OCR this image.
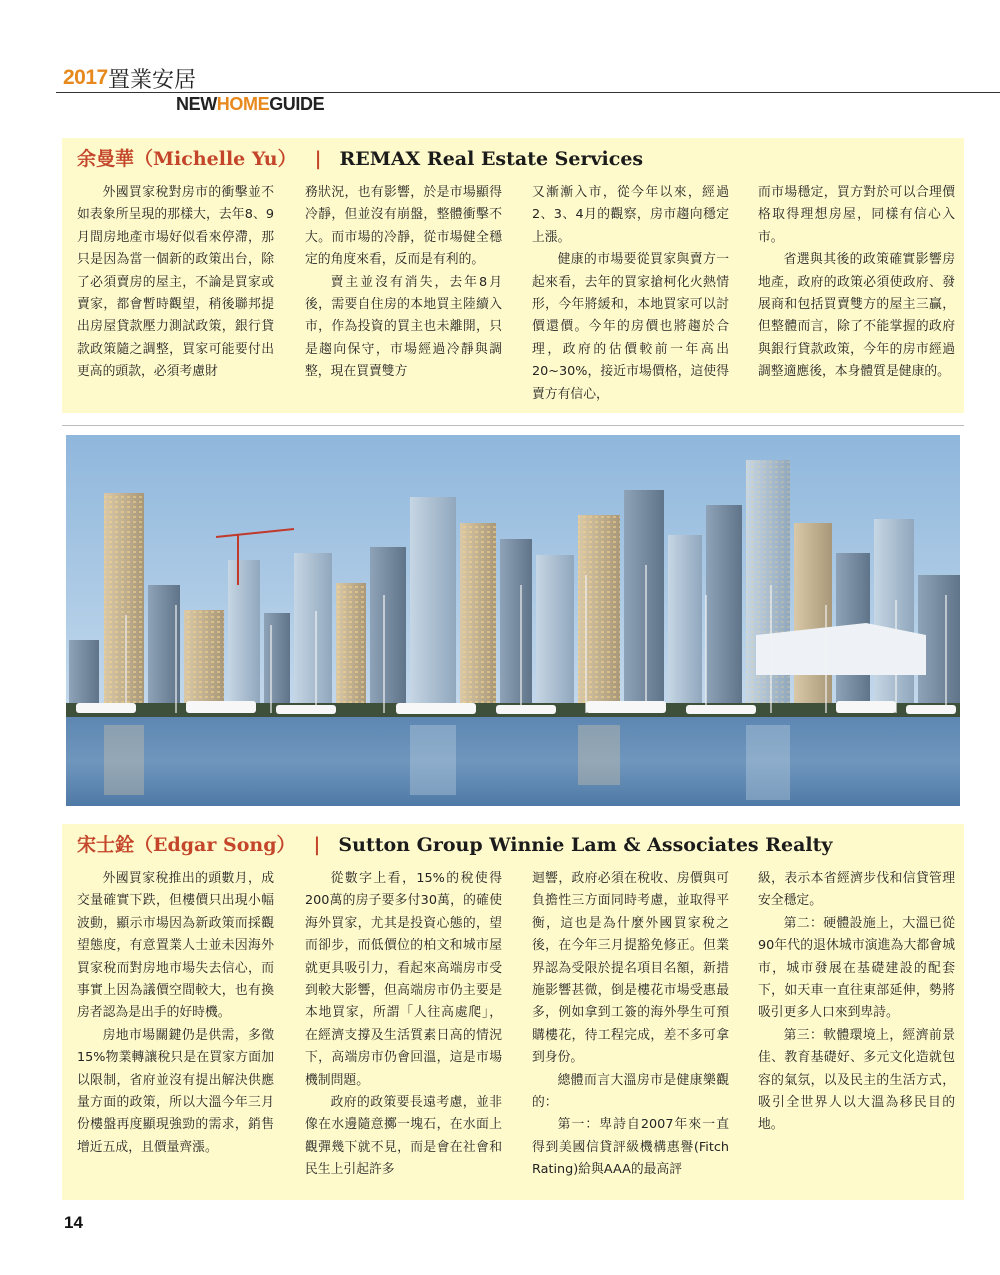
2017 置業安居
NEWHOMEGUIDE
余曼華（Michelle Yu） | REMAX Real Estate Services

外國買家稅對房市的衝擊並不如表象所呈現的那樣大，去年8、9月間房地產市場好似看來停滯，那只是因為當一個新的政策出台，除了必須賣房的屋主，不論是買家或賣家，都會暫時觀望，稍後聯邦提出房屋貸款壓力測試政策，銀行貸款政策隨之調整，買家可能要付出更高的頭款，必須考慮財

務狀況，也有影響，於是市場顯得冷靜，但並沒有崩盤，整體衝擊不大。而市場的冷靜，從市場健全穩定的角度來看，反而是有利的。

賣主並沒有消失，去年8月後，需要自住房的本地買主陸續入市，作為投資的買主也未離開，只是趨向保守，市場經過冷靜與調整，現在買賣雙方

又漸漸入市，從今年以來，經過2、3、4月的觀察，房市趨向穩定上漲。

健康的市場要從買家與賣方一起來看，去年的買家搶柯化火熱情形，今年將緩和，本地買家可以討價還價。今年的房價也將趨於合理，政府的估價較前一年高出20~30%，接近市場價格，這使得賣方有信心，

而市場穩定，買方對於可以合理價格取得理想房屋，同樣有信心入市。

省選與其後的政策確實影響房地產，政府的政策必須使政府、發展商和包括買賣雙方的屋主三贏，但整體而言，除了不能掌握的政府與銀行貸款政策，今年的房市經過調整適應後，本身體質是健康的。

宋士銓（Edgar Song） | Sutton Group Winnie Lam & Associates Realty

外國買家稅推出的頭數月，成交量確實下跌，但樓價只出現小幅波動，顯示市場因為新政策而採觀望態度，有意置業人士並未因海外買家稅而對房地市場失去信心，而事實上因為議價空間較大，也有換房者認為是出手的好時機。

房地市場關鍵仍是供需，多徵15%物業轉讓稅只是在買家方面加以限制，省府並沒有提出解決供應量方面的政策，所以大溫今年三月份樓盤再度顯現強勁的需求，銷售增近五成，且價量齊漲。

從數字上看，15%的稅使得200萬的房子要多付30萬，的確使海外買家，尤其是投資心態的，望而卻步，而低價位的柏文和城市屋就更具吸引力，看起來高端房市受到較大影響，但高端房市仍主要是本地買家，所謂「人往高處爬」，在經濟支撐及生活質素日高的情況下，高端房市仍會回溫，這是市場機制問題。

政府的政策要長遠考慮，並非像在水邊隨意擲一塊石，在水面上觀彈幾下就不見，而是會在社會和民生上引起許多

迴響，政府必須在稅收、房價與可負擔性三方面同時考慮，並取得平衡，這也是為什麼外國買家稅之後，在今年三月提豁免修正。但業界認為受限於提名項目名額，新措施影響甚微，倒是樓花市場受惠最多，例如拿到工簽的海外學生可預購樓花，待工程完成，差不多可拿到身份。

總體而言大溫房市是健康樂觀的：

第一：卑詩自2007年來一直得到美國信貸評級機構惠譽(Fitch Rating)給與AAA的最高評

級，表示本省經濟步伐和信貸管理安全穩定。

第二：硬體設施上，大溫已從90年代的退休城市演進為大都會城市，城市發展在基礎建設的配套下，如天車一直往東部延伸，勢將吸引更多人口來到卑詩。

第三：軟體環境上，經濟前景佳、教育基礎好、多元文化造就包容的氣氛，以及民主的生活方式，吸引全世界人以大溫為移民目的地。

14
